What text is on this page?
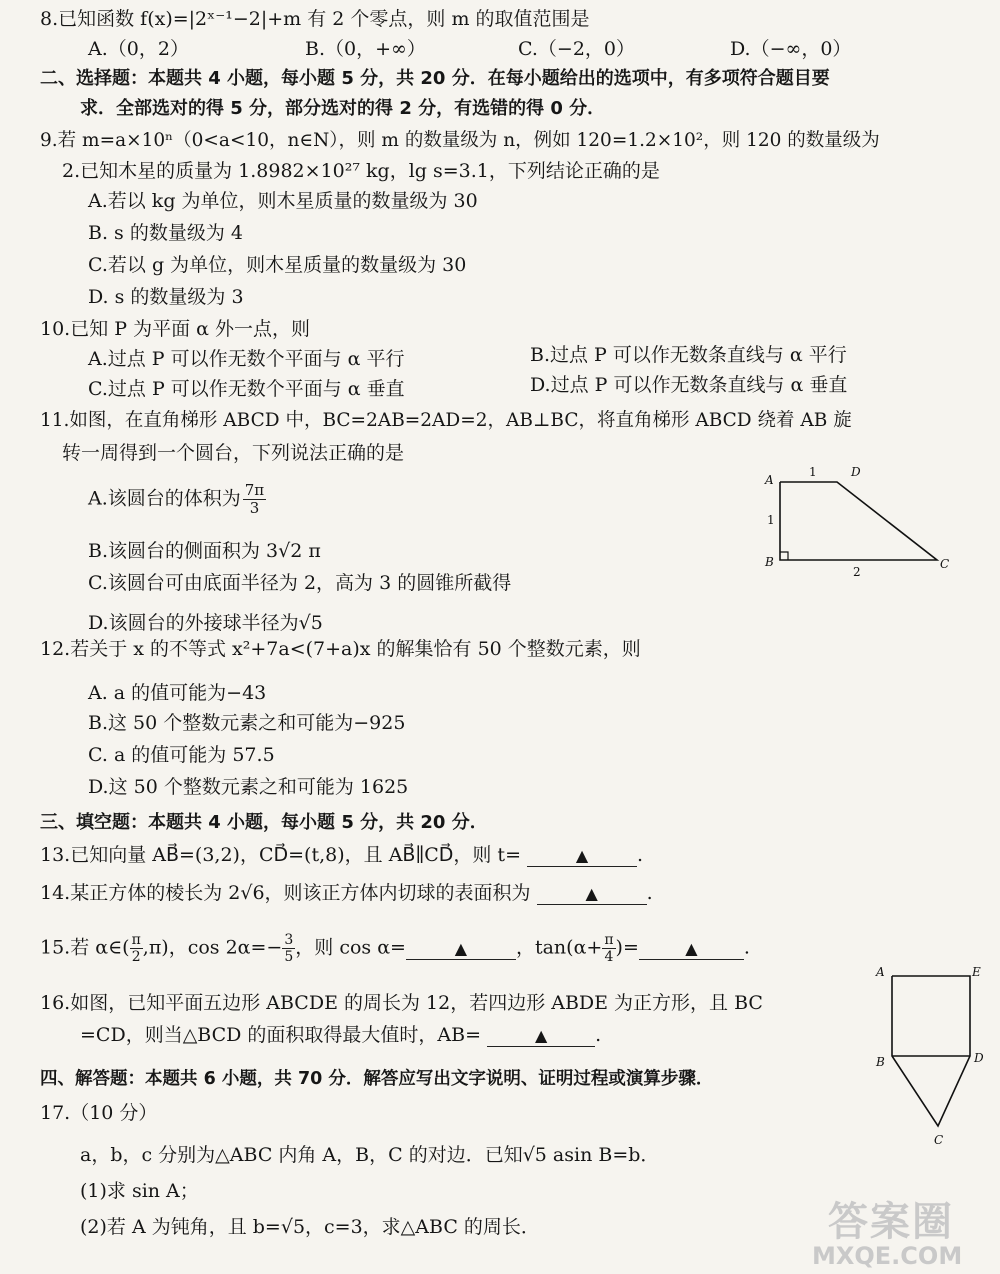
8.已知函数 f(x)=|2ˣ⁻¹−2|+m 有 2 个零点，则 m 的取值范围是
A.（0，2）	B.（0，+∞）	C.（−2，0）	D.（−∞，0）
二、选择题：本题共 4 小题，每小题 5 分，共 20 分．在每小题给出的选项中，有多项符合题目要
求．全部选对的得 5 分，部分选对的得 2 分，有选错的得 0 分．
9.若 m=a×10ⁿ（0<a<10，n∈N），则 m 的数量级为 n，例如 120=1.2×10²，则 120 的数量级为
2.已知木星的质量为 1.8982×10²⁷ kg，lg s=3.1，下列结论正确的是
A.若以 kg 为单位，则木星质量的数量级为 30
B. s 的数量级为 4
C.若以 g 为单位，则木星质量的数量级为 30
D. s 的数量级为 3
10.已知 P 为平面 α 外一点，则
A.过点 P 可以作无数个平面与 α 平行	B.过点 P 可以作无数条直线与 α 平行
C.过点 P 可以作无数个平面与 α 垂直	D.过点 P 可以作无数条直线与 α 垂直
11.如图，在直角梯形 ABCD 中，BC=2AB=2AD=2，AB⊥BC，将直角梯形 ABCD 绕着 AB 旋
转一周得到一个圆台，下列说法正确的是
A.该圆台的体积为 $\frac{7\pi}{3}$
B.该圆台的侧面积为 3√2 π
C.该圆台可由底面半径为 2，高为 3 的圆锥所截得
D.该圆台的外接球半径为√5
A
D
B	C
1
1
2
12.若关于 x 的不等式 x²+7a<(7+a)x 的解集恰有 50 个整数元素，则
A. a 的值可能为−43
B.这 50 个整数元素之和可能为−925
C. a 的值可能为 57.5
D.这 50 个整数元素之和可能为 1625
三、填空题：本题共 4 小题，每小题 5 分，共 20 分．
13.已知向量 AB⃗=(3,2)，CD⃗=(t,8)，且 AB⃗∥CD⃗，则 t=	▲	.
14.某正方体的棱长为 2√6，则该正方体内切球的表面积为	▲	.
15.若 α∈( $\frac{\pi}{2} ,\pi$)，$\cos 2\alpha=- \frac{3}{5}$ ，则 cos α=	▲	，$\tan(\alpha+ \frac{\pi}{4}$ )=	▲ .
16.如图，已知平面五边形 ABCDE 的周长为 12，若四边形 ABDE 为正方形，且 BC
=CD，则当△BCD 的面积取得最大值时，AB=	▲	.
A	E
B	D
C
四、解答题：本题共 6 小题，共 70 分．解答应写出文字说明、证明过程或演算步骤．
17.（10 分）
a，b，c 分别为△ABC 内角 A，B，C 的对边．已知√5 asin B=b．
(1)求 sin A；
(2)若 A 为钝角，且 b=√5，c=3，求△ABC 的周长．	答案圈
MXQE.COM
